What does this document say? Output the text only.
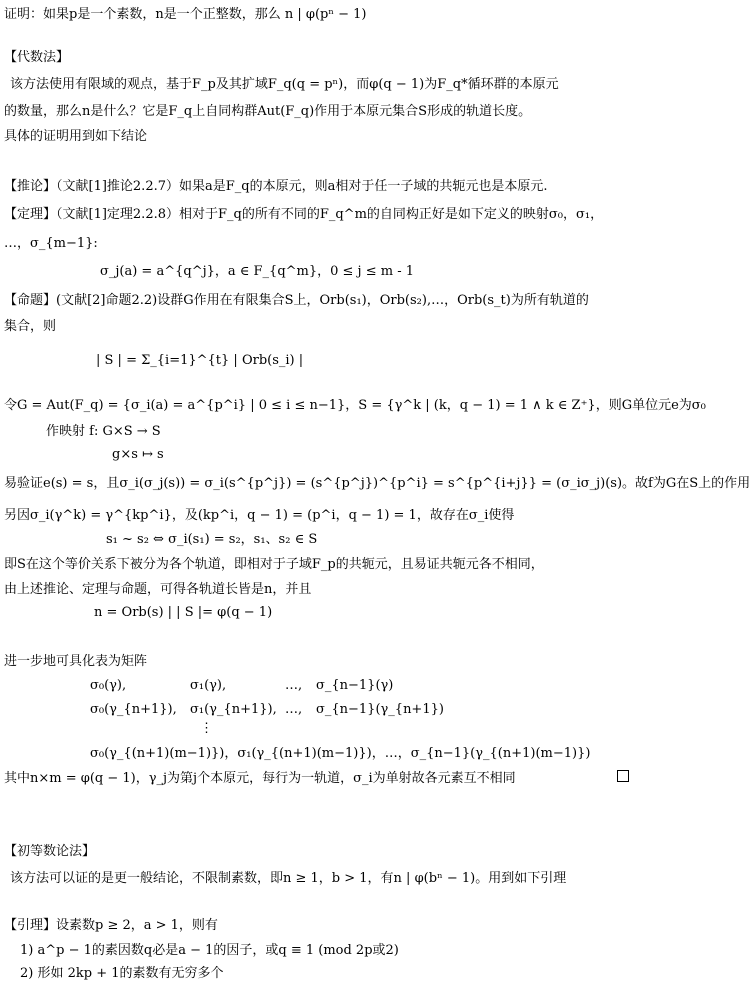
证明：如果p是一个素数，n是一个正整数，那么 n | φ(pⁿ − 1)
【代数法】
该方法使用有限域的观点，基于F_p及其扩域F_q(q = pⁿ)，而φ(q − 1)为F_q*循环群的本原元
的数量，那么n是什么？它是F_q上自同构群Aut(F_q)作用于本原元集合S形成的轨道长度。
具体的证明用到如下结论
【推论】（文献[1]推论2.2.7）如果a是F_q的本原元，则a相对于任一子域的共轭元也是本原元.
【定理】（文献[1]定理2.2.8）相对于F_q的所有不同的F_q^m的自同构正好是如下定义的映射σ₀，σ₁，
…，σ_{m−1}:
σ_j(a) = a^{q^j}，a ∈ F_{q^m}，0 ≤ j ≤ m - 1
【命题】(文献[2]命题2.2)设群G作用在有限集合S上，Orb(s₁)，Orb(s₂),…，Orb(s_t)为所有轨道的
集合，则
| S | = Σ_{i=1}^{t} | Orb(s_i) |
令G = Aut(F_q) = {σ_i(a) = a^{p^i} | 0 ≤ i ≤ n−1}，S = {γ^k | (k，q − 1) = 1 ∧ k ∈ Z⁺}，则G单位元e为σ₀
作映射 f: G×S → S
g×s ↦ s
易验证e(s) = s，且σ_i(σ_j(s)) = σ_i(s^{p^j}) = (s^{p^j})^{p^i} = s^{p^{i+j}} = (σ_iσ_j)(s)。故f为G在S上的作用
另因σ_i(γ^k) = γ^{kp^i}，及(kp^i，q − 1) = (p^i，q − 1) = 1，故存在σ_i使得
s₁ ~ s₂ ⇔ σ_i(s₁) = s₂，s₁、s₂ ∈ S
即S在这个等价关系下被分为各个轨道，即相对于子域F_p的共轭元，且易证共轭元各不相同，
由上述推论、定理与命题，可得各轨道长皆是n，并且
n = Orb(s) | | S |= φ(q − 1)
进一步地可具化表为矩阵
σ₀(γ),	σ₁(γ),	…, σ_{n−1}(γ)
σ₀(γ_{n+1}), σ₁(γ_{n+1}), …, σ_{n−1}(γ_{n+1})
⋮
σ₀(γ_{(n+1)(m−1)})，σ₁(γ_{(n+1)(m−1)})，…，σ_{n−1}(γ_{(n+1)(m−1)})
其中n×m = φ(q − 1)，γ_j为第j个本原元，每行为一轨道，σ_i为单射故各元素互不相同
【初等数论法】
该方法可以证的是更一般结论，不限制素数，即n ≥ 1，b > 1，有n | φ(bⁿ − 1)。用到如下引理
【引理】设素数p ≥ 2，a > 1，则有
1) a^p − 1的素因数q必是a − 1的因子，或q ≡ 1 (mod 2p或2)
2) 形如 2kp + 1的素数有无穷多个
